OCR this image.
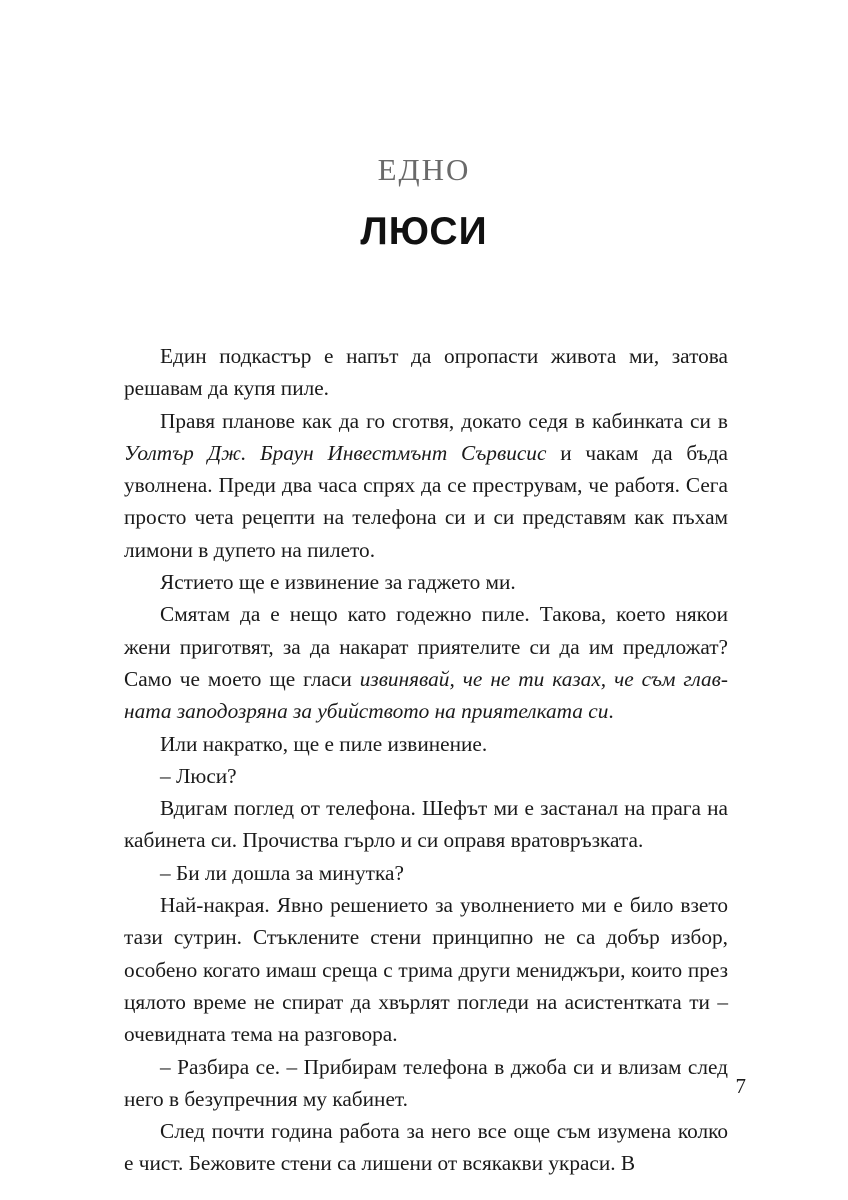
ЕДНО
ЛЮСИ

Един подкастър е напът да опропасти живота ми, затова решавам да купя пиле.

Правя планове как да го сготвя, докато седя в кабинката си в Уолтър Дж. Браун Инвестмънт Сървисис и чакам да бъда уволнена. Преди два часа спрях да се преструвам, че работя. Сега просто чета рецепти на телефона си и си представям как пъхам лимони в дупето на пилето.

Ястието ще е извинение за гаджето ми.

Смятам да е нещо като годежно пиле. Такова, което някои жени приготвят, за да накарат приятелите си да им предложат? Само че моето ще гласи извинявай, че не ти казах, че съм главната заподозряна за убийството на приятелката си.

Или накратко, ще е пиле извинение.

– Люси?

Вдигам поглед от телефона. Шефът ми е застанал на прага на кабинета си. Прочиства гърло и си оправя вратовръзката.

– Би ли дошла за минутка?

Най-накрая. Явно решението за уволнението ми е било взето тази сутрин. Стъклените стени принципно не са добър избор, особено когато имаш среща с трима други мениджъри, които през цялото време не спират да хвърлят погледи на асистентката ти – очевидната тема на разговора.

– Разбира се. – Прибирам телефона в джоба си и влизам след него в безупречния му кабинет.

След почти година работа за него все още съм изумена колко е чист. Бежовите стени са лишени от всякакви украси. В

7
